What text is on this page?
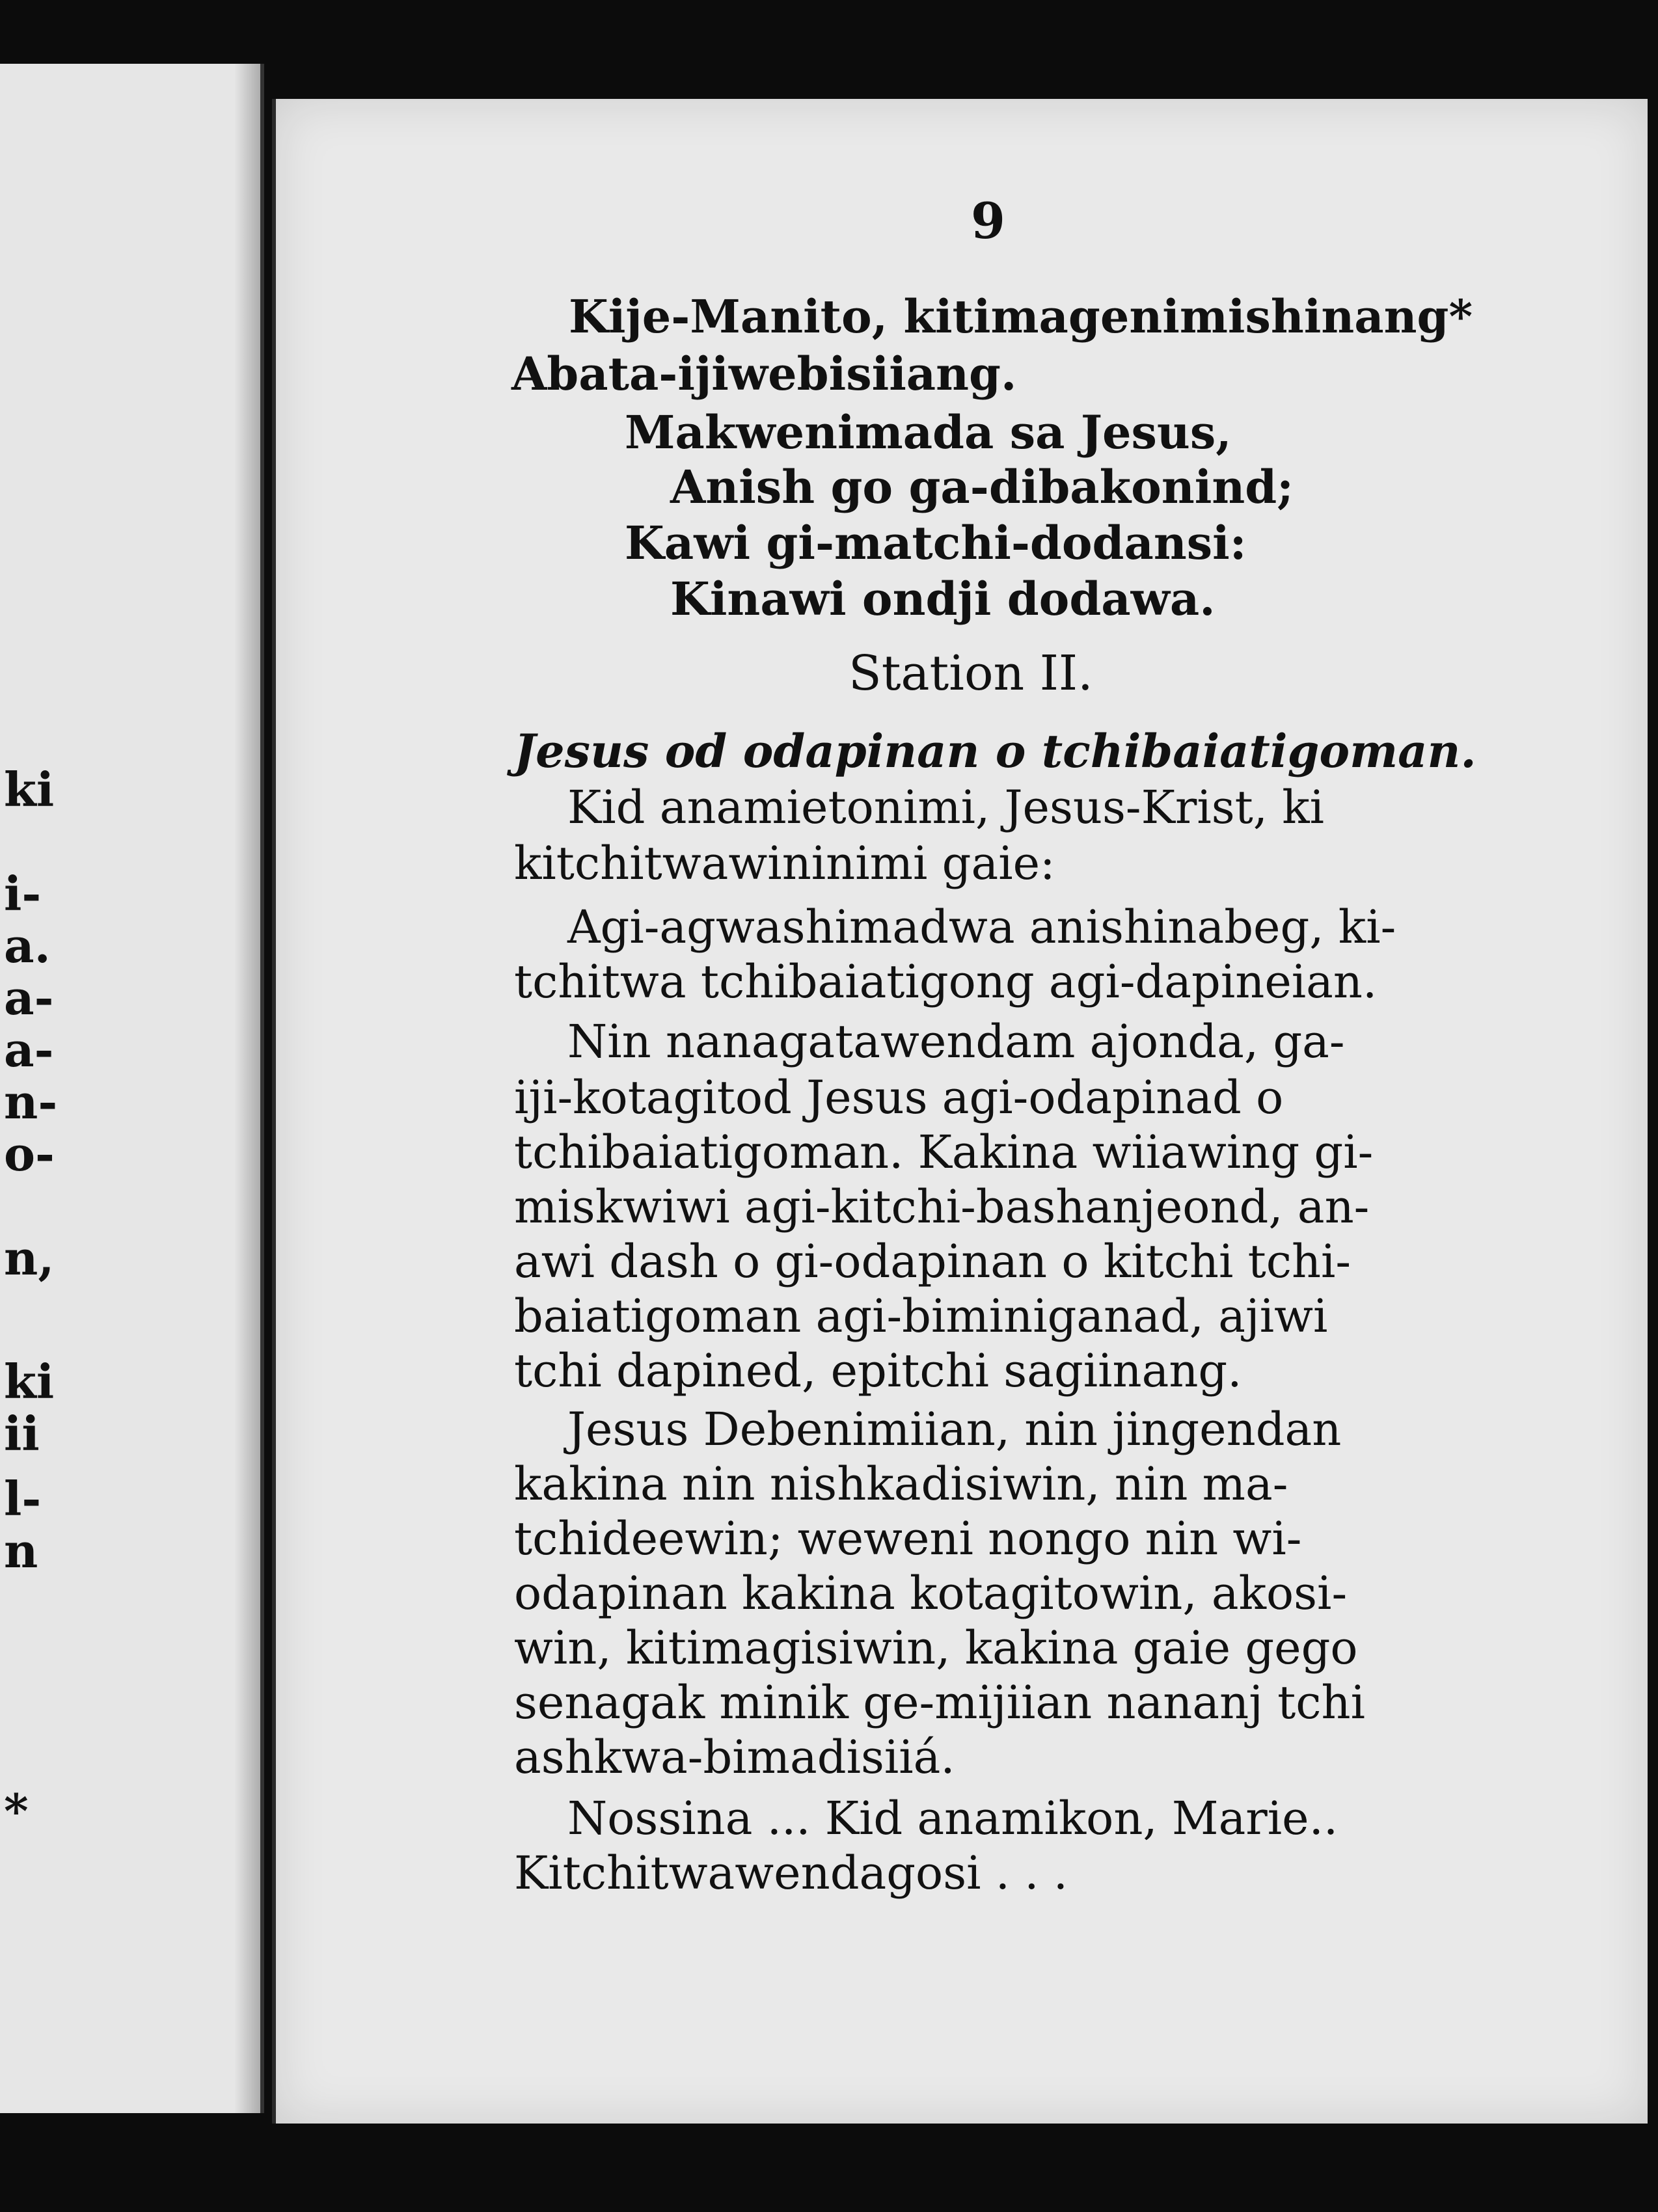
ki
i-
a.
a-
a-
n-
o-
n,
ki
ii
l-
n
*
9
Kije-Manito, kitimagenimishinang*
Abata-ijiwebisiiang.
Makwenimada sa Jesus,
Anish go ga-dibakonind;
Kawi gi-matchi-dodansi:
Kinawi ondji dodawa.
Station II.
Jesus od odapinan o tchibaiatigoman.
Kid anamietonimi, Jesus-Krist, ki
kitchitwawininimi gaie:
Agi-agwashimadwa anishinabeg, ki-
tchitwa tchibaiatigong agi-dapineian.
Nin nanagatawendam ajonda, ga-
iji-kotagitod Jesus agi-odapinad o
tchibaiatigoman. Kakina wiiawing gi-
miskwiwi agi-kitchi-bashanjeond, an-
awi dash o gi-odapinan o kitchi tchi-
baiatigoman agi-biminiganad, ajiwi
tchi dapined, epitchi sagiinang.
Jesus Debenimiian, nin jingendan
kakina nin nishkadisiwin, nin ma-
tchideewin; weweni nongo nin wi-
odapinan kakina kotagitowin, akosi-
win, kitimagisiwin, kakina gaie gego
senagak minik ge-mijiian nananj tchi
ashkwa-bimadisiiá.
Nossina ... Kid anamikon, Marie..
Kitchitwawendagosi . . .
